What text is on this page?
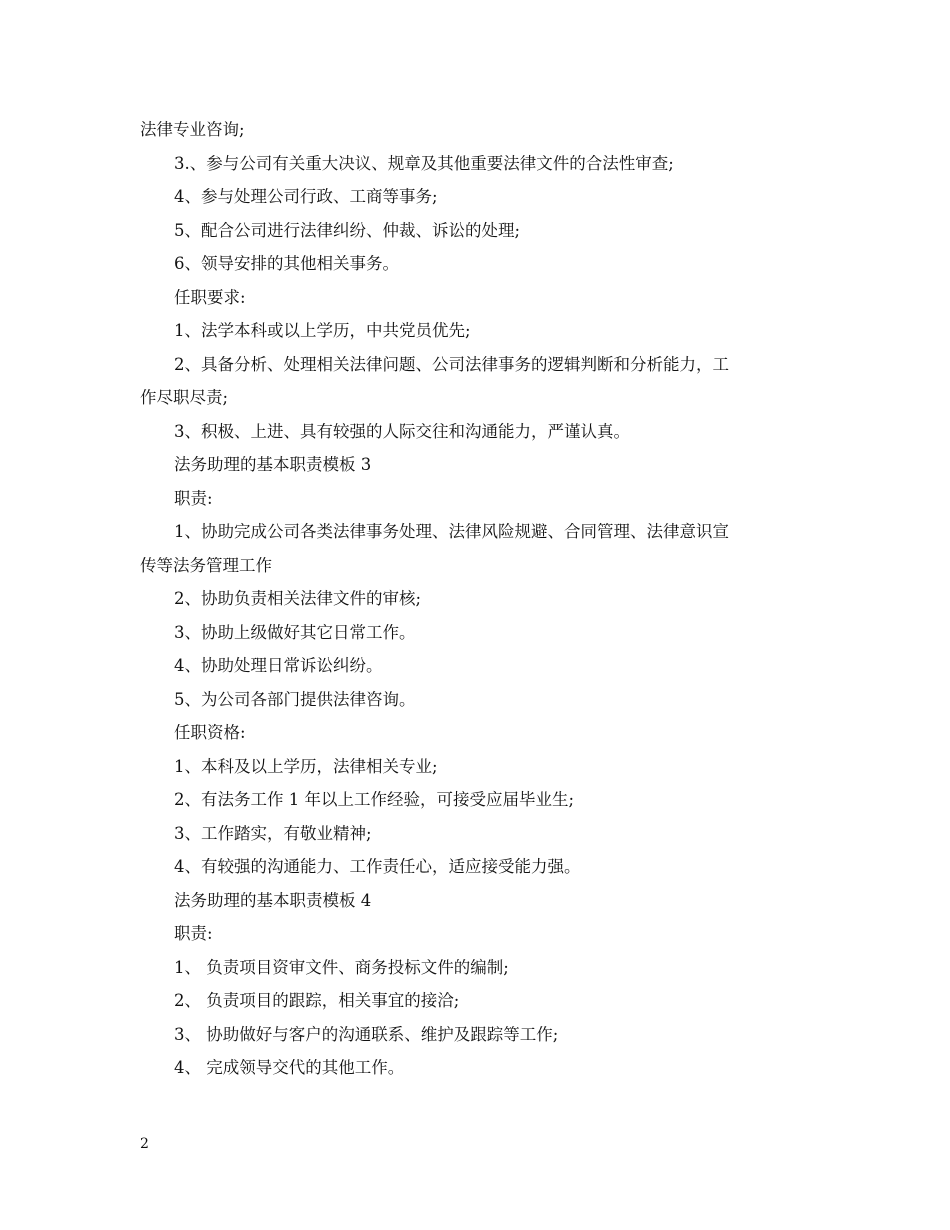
法律专业咨询;

3.、参与公司有关重大决议、规章及其他重要法律文件的合法性审查;

4、参与处理公司行政、工商等事务;

5、配合公司进行法律纠纷、仲裁、诉讼的处理;

6、领导安排的其他相关事务。

任职要求:

1、法学本科或以上学历，中共党员优先;

2、具备分析、处理相关法律问题、公司法律事务的逻辑判断和分析能力，工

作尽职尽责;

3、积极、上进、具有较强的人际交往和沟通能力，严谨认真。

法务助理的基本职责模板 3

职责:

1、协助完成公司各类法律事务处理、法律风险规避、合同管理、法律意识宣

传等法务管理工作

2、协助负责相关法律文件的审核;

3、协助上级做好其它日常工作。

4、协助处理日常诉讼纠纷。

5、为公司各部门提供法律咨询。

任职资格:

1、本科及以上学历，法律相关专业;

2、有法务工作 1 年以上工作经验，可接受应届毕业生;

3、工作踏实，有敬业精神;

4、有较强的沟通能力、工作责任心，适应接受能力强。

法务助理的基本职责模板 4

职责:

1、 负责项目资审文件、商务投标文件的编制;

2、 负责项目的跟踪，相关事宜的接洽;

3、 协助做好与客户的沟通联系、维护及跟踪等工作;

4、 完成领导交代的其他工作。

2
